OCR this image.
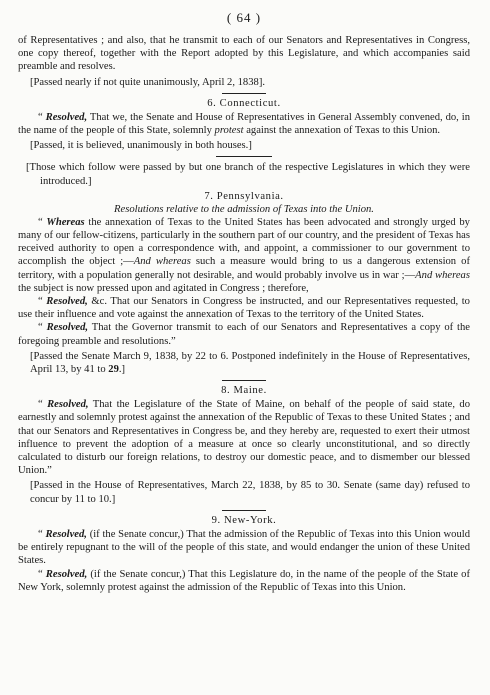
( 64 )

of Representatives ; and also, that he transmit to each of our Senators and Representatives in Congress, one copy thereof, together with the Report adopted by this Legislature, and which accompanies said preamble and resolves.

[Passed nearly if not quite unanimously, April 2, 1838].

6. Connecticut.

“ Resolved, That we, the Senate and House of Representatives in General Assembly convened, do, in the name of the people of this State, solemnly protest against the annexation of Texas to this Union.

[Passed, it is believed, unanimously in both houses.]

[Those which follow were passed by but one branch of the respective Legislatures in which they were introduced.]

7. Pennsylvania.
Resolutions relative to the admission of Texas into the Union.

“ Whereas the annexation of Texas to the United States has been advocated and strongly urged by many of our fellow-citizens, particularly in the southern part of our country, and the president of Texas has received authority to open a correspondence with, and appoint, a commissioner to our government to accomplish the object ;—And whereas such a measure would bring to us a dangerous extension of territory, with a population generally not desirable, and would probably involve us in war ;—And whereas the subject is now pressed upon and agitated in Congress ; therefore,

“ Resolved, &c. That our Senators in Congress be instructed, and our Representatives requested, to use their influence and vote against the annexation of Texas to the territory of the United States.

“ Resolved, That the Governor transmit to each of our Senators and Representatives a copy of the foregoing preamble and resolutions.”

[Passed the Senate March 9, 1838, by 22 to 6. Postponed indefinitely in the House of Representatives, April 13, by 41 to 29.]

8. Maine.

“ Resolved, That the Legislature of the State of Maine, on behalf of the people of said state, do earnestly and solemnly protest against the annexation of the Republic of Texas to these United States ; and that our Senators and Representatives in Congress be, and they hereby are, requested to exert their utmost influence to prevent the adoption of a measure at once so clearly unconstitutional, and so directly calculated to disturb our foreign relations, to destroy our domestic peace, and to dismember our blessed Union.”

[Passed in the House of Representatives, March 22, 1838, by 85 to 30. Senate (same day) refused to concur by 11 to 10.]

9. New-York.

“ Resolved, (if the Senate concur,) That the admission of the Republic of Texas into this Union would be entirely repugnant to the will of the people of this state, and would endanger the union of these United States.

“ Resolved, (if the Senate concur,) That this Legislature do, in the name of the people of the State of New York, solemnly protest against the admission of the Republic of Texas into this Union.
